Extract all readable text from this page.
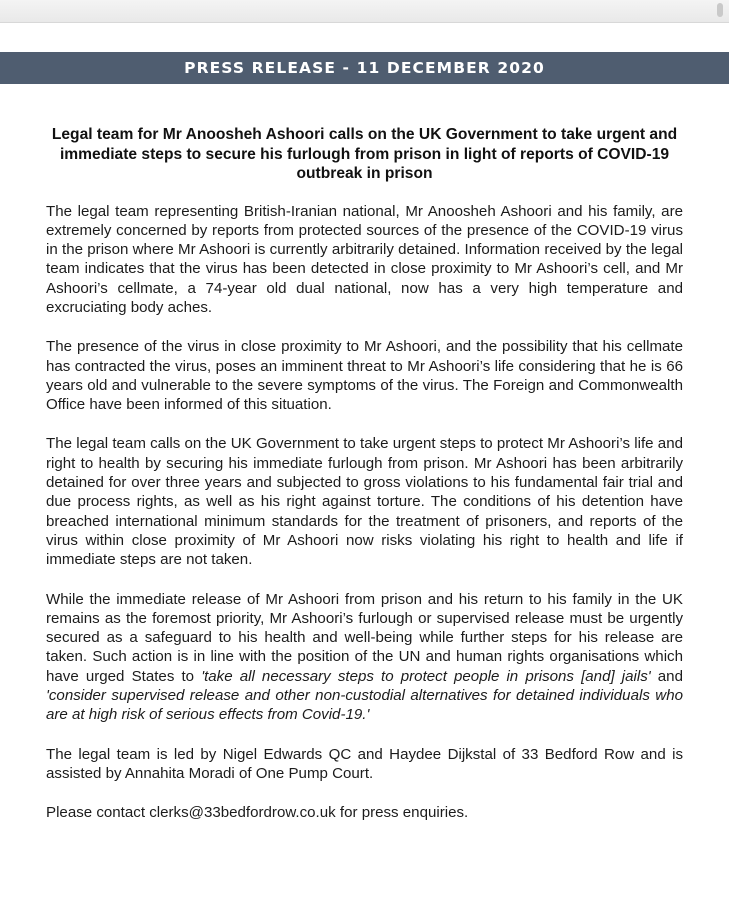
PRESS RELEASE - 11 DECEMBER 2020
Legal team for Mr Anoosheh Ashoori calls on the UK Government to take urgent and immediate steps to secure his furlough from prison in light of reports of COVID-19 outbreak in prison

The legal team representing British-Iranian national, Mr Anoosheh Ashoori and his family, are extremely concerned by reports from protected sources of the presence of the COVID-19 virus in the prison where Mr Ashoori is currently arbitrarily detained. Information received by the legal team indicates that the virus has been detected in close proximity to Mr Ashoori’s cell, and Mr Ashoori’s cellmate, a 74-year old dual national, now has a very high temperature and excruciating body aches.

The presence of the virus in close proximity to Mr Ashoori, and the possibility that his cellmate has contracted the virus, poses an imminent threat to Mr Ashoori’s life considering that he is 66 years old and vulnerable to the severe symptoms of the virus. The Foreign and Commonwealth Office have been informed of this situation.

The legal team calls on the UK Government to take urgent steps to protect Mr Ashoori’s life and right to health by securing his immediate furlough from prison. Mr Ashoori has been arbitrarily detained for over three years and subjected to gross violations to his fundamental fair trial and due process rights, as well as his right against torture. The conditions of his detention have breached international minimum standards for the treatment of prisoners, and reports of the virus within close proximity of Mr Ashoori now risks violating his right to health and life if immediate steps are not taken.

While the immediate release of Mr Ashoori from prison and his return to his family in the UK remains as the foremost priority, Mr Ashoori’s furlough or supervised release must be urgently secured as a safeguard to his health and well-being while further steps for his release are taken. Such action is in line with the position of the UN and human rights organisations which have urged States to 'take all necessary steps to protect people in prisons [and] jails' and 'consider supervised release and other non-custodial alternatives for detained individuals who are at high risk of serious effects from Covid-19.'

The legal team is led by Nigel Edwards QC and Haydee Dijkstal of 33 Bedford Row and is assisted by Annahita Moradi of One Pump Court.

Please contact clerks@33bedfordrow.co.uk for press enquiries.
